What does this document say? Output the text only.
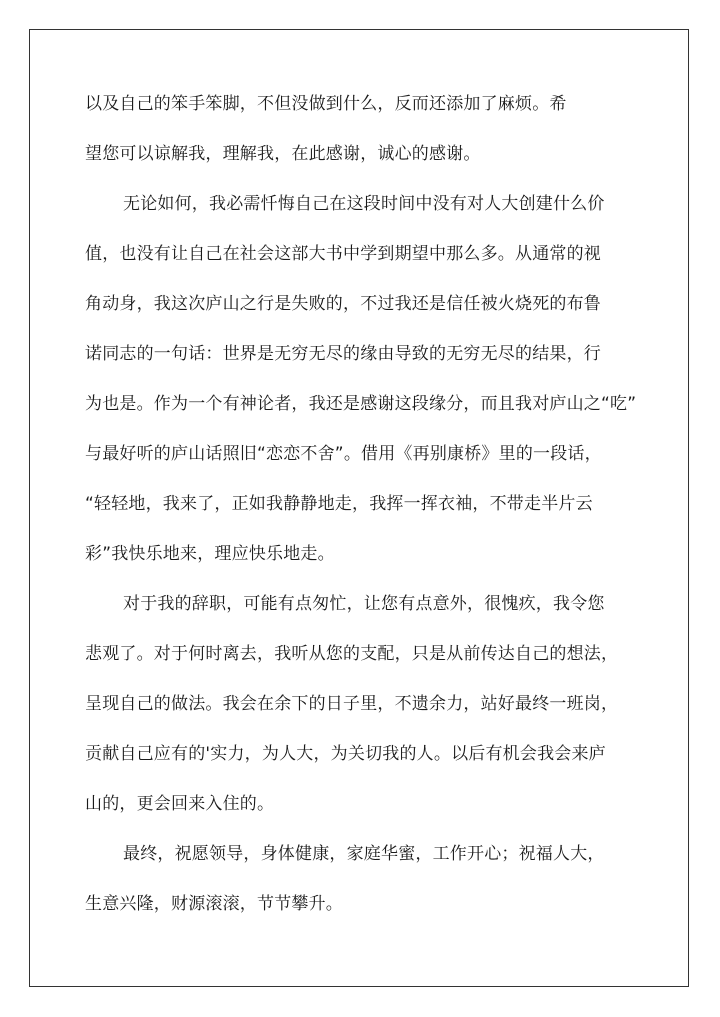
以及自己的笨手笨脚，不但没做到什么，反而还添加了麻烦。希
望您可以谅解我，理解我，在此感谢，诚心的感谢。
无论如何，我必需忏悔自己在这段时间中没有对人大创建什么价
值，也没有让自己在社会这部大书中学到期望中那么多。从通常的视
角动身，我这次庐山之行是失败的，不过我还是信任被火烧死的布鲁
诺同志的一句话：世界是无穷无尽的缘由导致的无穷无尽的结果，行
为也是。作为一个有神论者，我还是感谢这段缘分，而且我对庐山之“吃”
与最好听的庐山话照旧“恋恋不舍”。借用《再别康桥》里的一段话，
“轻轻地，我来了，正如我静静地走，我挥一挥衣袖，不带走半片云
彩”我快乐地来，理应快乐地走。
对于我的辞职，可能有点匆忙，让您有点意外，很愧疚，我令您
悲观了。对于何时离去，我听从您的支配，只是从前传达自己的想法，
呈现自己的做法。我会在余下的日子里，不遗余力，站好最终一班岗，
贡献自己应有的'实力，为人大，为关切我的人。以后有机会我会来庐
山的，更会回来入住的。
最终，祝愿领导，身体健康，家庭华蜜，工作开心；祝福人大，
生意兴隆，财源滚滚，节节攀升。
